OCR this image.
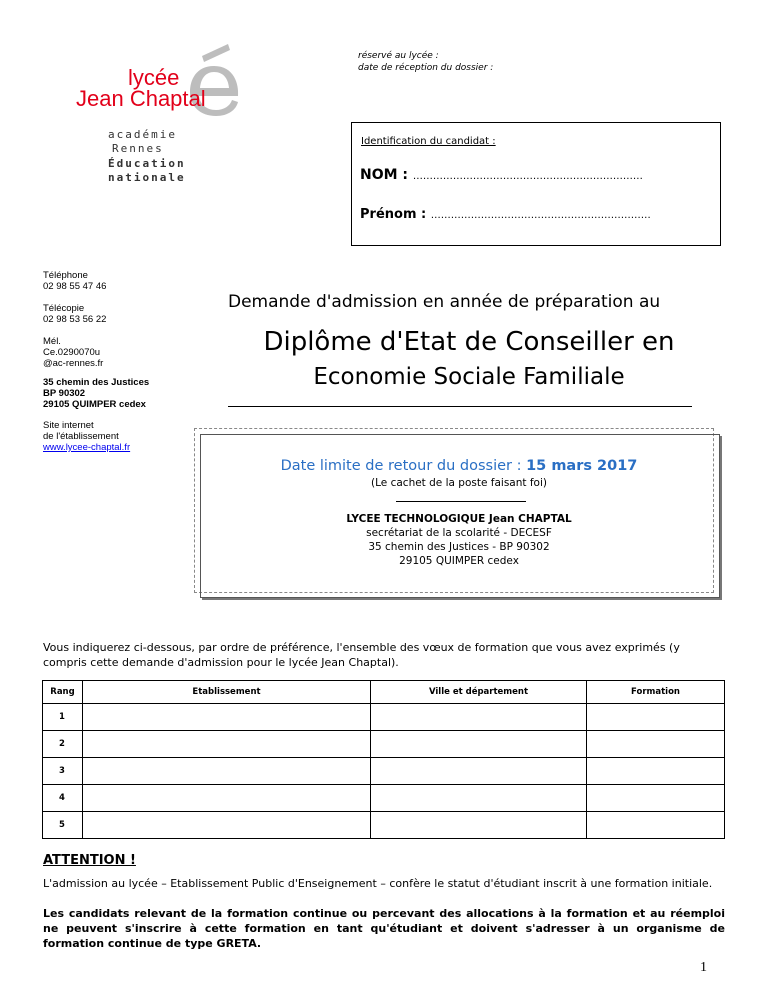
lycée
Jean Chaptal
académie
Rennes
Éducation
nationale
réservé au lycée :
date de réception du dossier :
Identification du candidat :
NOM : ……………………………………………………………
Prénom : …………………………………………………………
Téléphone
02 98 55 47 46
Télécopie
02 98 53 56 22
Mél.
Ce.0290070u
@ac-rennes.fr
35 chemin des Justices
BP 90302
29105 QUIMPER cedex
Site internet
de l'établissement
www.lycee-chaptal.fr
Demande d'admission en année de préparation au
Diplôme d'Etat de Conseiller en
Economie Sociale Familiale
Date limite de retour du dossier : 15 mars 2017
(Le cachet de la poste faisant foi)
LYCEE TECHNOLOGIQUE Jean CHAPTAL
secrétariat de la scolarité - DECESF
35 chemin des Justices - BP 90302
29105 QUIMPER cedex
Vous indiquerez ci-dessous, par ordre de préférence, l'ensemble des vœux de formation que vous avez exprimés (y compris cette demande d'admission pour le lycée Jean Chaptal).
Rang	Etablissement	Ville et département	Formation
1			
2			
3			
4			
5			
ATTENTION !
L'admission au lycée – Etablissement Public d'Enseignement – confère le statut d'étudiant inscrit à une formation initiale.
Les candidats relevant de la formation continue ou percevant des allocations à la formation et au réemploi ne peuvent s'inscrire à cette formation en tant qu'étudiant et doivent s'adresser à un organisme de formation continue de type GRETA.
1
